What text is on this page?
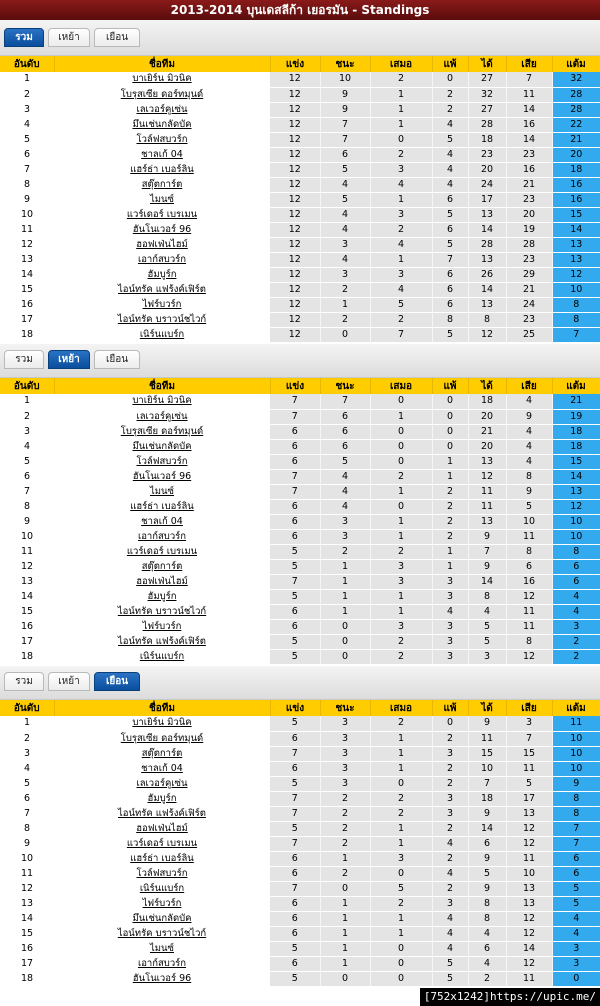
2013-2014 บุนเดสลีก้า เยอรมัน - Standings
รวม	เหย้า	เยือน
อันดับ	ชื่อทีม	แข่ง	ชนะ	เสมอ	แพ้	ได้	เสีย	แต้ม
1	บาเยิร์น มิวนิค	12	10	2	0	27	7	32
2	โบรุสเซีย ดอร์ทมุนด์	12	9	1	2	32	11	28
3	เลเวอร์คูเซ่น	12	9	1	2	27	14	28
4	มึนเช่นกลัดบัค	12	7	1	4	28	16	22
5	โวล์ฟสบวร์ก	12	7	0	5	18	14	21
6	ชาลเก้ 04	12	6	2	4	23	23	20
7	แฮร์ธ่า เบอร์ลิน	12	5	3	4	20	16	18
8	สตุ๊ตการ์ต	12	4	4	4	24	21	16
9	ไมนซ์	12	5	1	6	17	23	16
10	แวร์เดอร์ เบรเมน	12	4	3	5	13	20	15
11	ฮันโนเวอร์ 96	12	4	2	6	14	19	14
12	ฮอฟเฟ่นไฮม์	12	3	4	5	28	28	13
13	เอาก์สบวร์ก	12	4	1	7	13	23	13
14	ฮัมบูร์ก	12	3	3	6	26	29	12
15	ไอน์ทรัค แฟร้งค์เฟิร์ต	12	2	4	6	14	21	10
16	ไฟร์บวร์ก	12	1	5	6	13	24	8
17	ไอน์ทรัค บราวน์ชไวก์	12	2	2	8	8	23	8
18	เนิร์นแบร์ก	12	0	7	5	12	25	7
รวม	เหย้า	เยือน
อันดับ	ชื่อทีม	แข่ง	ชนะ	เสมอ	แพ้	ได้	เสีย	แต้ม
1	บาเยิร์น มิวนิค	7	7	0	0	18	4	21
2	เลเวอร์คูเซ่น	7	6	1	0	20	9	19
3	โบรุสเซีย ดอร์ทมุนด์	6	6	0	0	21	4	18
4	มึนเช่นกลัดบัค	6	6	0	0	20	4	18
5	โวล์ฟสบวร์ก	6	5	0	1	13	4	15
6	ฮันโนเวอร์ 96	7	4	2	1	12	8	14
7	ไมนซ์	7	4	1	2	11	9	13
8	แฮร์ธ่า เบอร์ลิน	6	4	0	2	11	5	12
9	ชาลเก้ 04	6	3	1	2	13	10	10
10	เอาก์สบวร์ก	6	3	1	2	9	11	10
11	แวร์เดอร์ เบรเมน	5	2	2	1	7	8	8
12	สตุ๊ตการ์ต	5	1	3	1	9	6	6
13	ฮอฟเฟ่นไฮม์	7	1	3	3	14	16	6
14	ฮัมบูร์ก	5	1	1	3	8	12	4
15	ไอน์ทรัค บราวน์ชไวก์	6	1	1	4	4	11	4
16	ไฟร์บวร์ก	6	0	3	3	5	11	3
17	ไอน์ทรัค แฟร้งค์เฟิร์ต	5	0	2	3	5	8	2
18	เนิร์นแบร์ก	5	0	2	3	3	12	2
รวม	เหย้า	เยือน
อันดับ	ชื่อทีม	แข่ง	ชนะ	เสมอ	แพ้	ได้	เสีย	แต้ม
1	บาเยิร์น มิวนิค	5	3	2	0	9	3	11
2	โบรุสเซีย ดอร์ทมุนด์	6	3	1	2	11	7	10
3	สตุ๊ตการ์ต	7	3	1	3	15	15	10
4	ชาลเก้ 04	6	3	1	2	10	11	10
5	เลเวอร์คูเซ่น	5	3	0	2	7	5	9
6	ฮัมบูร์ก	7	2	2	3	18	17	8
7	ไอน์ทรัค แฟร้งค์เฟิร์ต	7	2	2	3	9	13	8
8	ฮอฟเฟ่นไฮม์	5	2	1	2	14	12	7
9	แวร์เดอร์ เบรเมน	7	2	1	4	6	12	7
10	แฮร์ธ่า เบอร์ลิน	6	1	3	2	9	11	6
11	โวล์ฟสบวร์ก	6	2	0	4	5	10	6
12	เนิร์นแบร์ก	7	0	5	2	9	13	5
13	ไฟร์บวร์ก	6	1	2	3	8	13	5
14	มึนเช่นกลัดบัค	6	1	1	4	8	12	4
15	ไอน์ทรัค บราวน์ชไวก์	6	1	1	4	4	12	4
16	ไมนซ์	5	1	0	4	6	14	3
17	เอาก์สบวร์ก	6	1	0	5	4	12	3
18	ฮันโนเวอร์ 96	5	0	0	5	2	11	0
[752x1242]https://upic.me/
